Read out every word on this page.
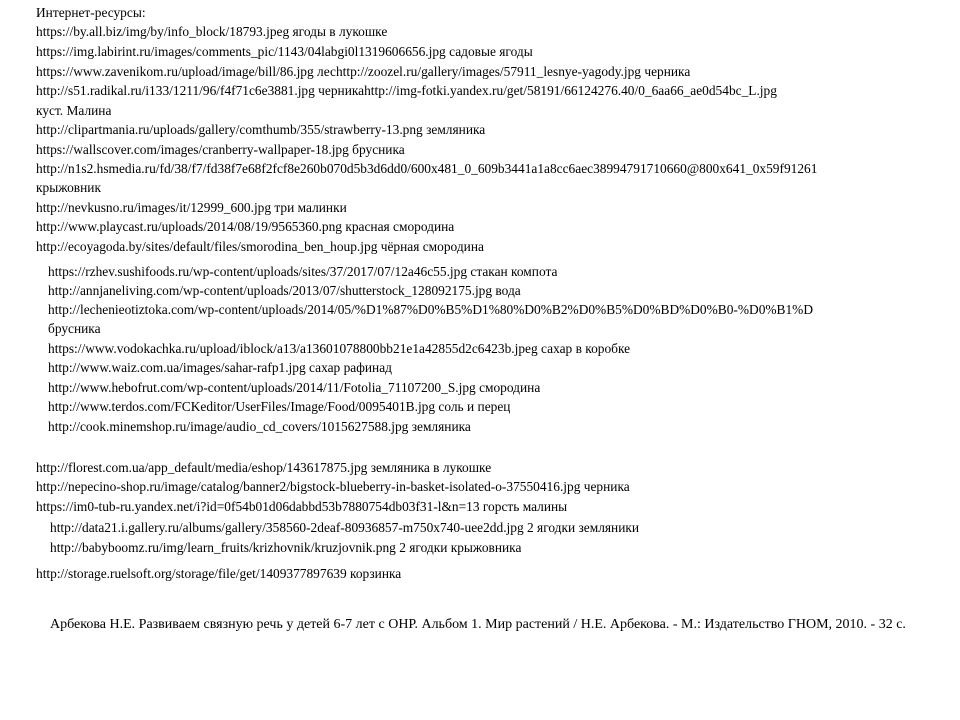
Интернет-ресурсы:
https://by.all.biz/img/by/info_block/18793.jpeg ягоды в лукошке
https://img.labirint.ru/images/comments_pic/1143/04labgi0l1319606656.jpg садовые ягоды
https://www.zavenikom.ru/upload/image/bill/86.jpg лесhttp://zoozel.ru/gallery/images/57911_lesnye-yagody.jpg черника
http://s51.radikal.ru/i133/1211/96/f4f71c6e3881.jpg черникаhttp://img-fotki.yandex.ru/get/58191/66124276.40/0_6aa66_ae0d54bc_L.jpg
куст. Малина
http://clipartmania.ru/uploads/gallery/comthumb/355/strawberry-13.png земляника
https://wallscover.com/images/cranberry-wallpaper-18.jpg брусника
http://n1s2.hsmedia.ru/fd/38/f7/fd38f7e68f2fcf8e260b070d5b3d6dd0/600x481_0_609b3441a1a8cc6aec38994791710660@800x641_0x59f91261
крыжовник
http://nevkusno.ru/images/it/12999_600.jpg три малинки
http://www.playcast.ru/uploads/2014/08/19/9565360.png красная смородина
http://ecoyagoda.by/sites/default/files/smorodina_ben_houp.jpg чёрная смородина
https://rzhev.sushifoods.ru/wp-content/uploads/sites/37/2017/07/12a46c55.jpg стакан компота
http://annjaneliving.com/wp-content/uploads/2013/07/shutterstock_128092175.jpg вода
http://lechenieotiztoka.com/wp-content/uploads/2014/05/%D1%87%D0%B5%D1%80%D0%B2%D0%B5%D0%BD%D0%B0-%D0%B1%D
брусника
https://www.vodokachka.ru/upload/iblock/a13/a13601078800bb21e1a42855d2c6423b.jpeg сахар в коробке
http://www.waiz.com.ua/images/sahar-rafp1.jpg сахар рафинад
http://www.hebofrut.com/wp-content/uploads/2014/11/Fotolia_71107200_S.jpg смородина
http://www.terdos.com/FCKeditor/UserFiles/Image/Food/0095401B.jpg соль и перец
http://cook.minemshop.ru/image/audio_cd_covers/1015627588.jpg земляника
http://florest.com.ua/app_default/media/eshop/143617875.jpg земляника в лукошке
http://nepecino-shop.ru/image/catalog/banner2/bigstock-blueberry-in-basket-isolated-o-37550416.jpg черника
https://im0-tub-ru.yandex.net/i?id=0f54b01d06dabbd53b7880754db03f31-l&n=13 горсть малины
http://data21.i.gallery.ru/albums/gallery/358560-2deaf-80936857-m750x740-uee2dd.jpg 2 ягодки земляники
http://babyboomz.ru/img/learn_fruits/krizhovnik/kruzjovnik.png 2 ягодки крыжовника
http://storage.ruelsoft.org/storage/file/get/1409377897639 корзинка
Арбекова Н.Е. Развиваем связную речь у детей 6-7 лет с ОНР. Альбом 1. Мир растений / Н.Е. Арбекова. - М.: Издательство ГНОМ, 2010. - 32 с.
